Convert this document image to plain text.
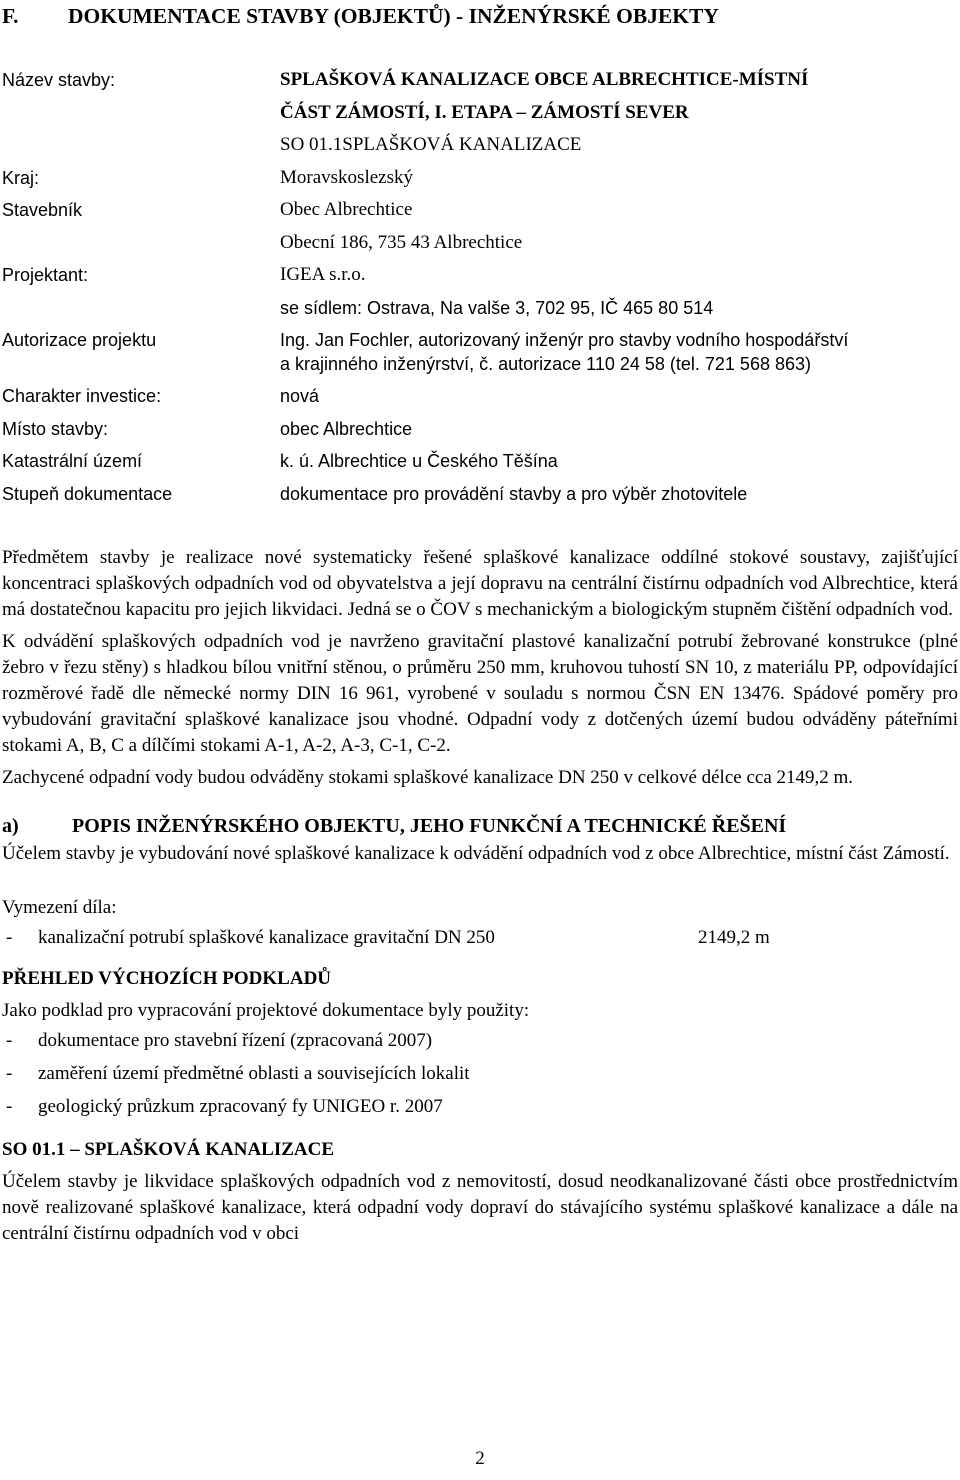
F. DOKUMENTACE STAVBY (OBJEKTŮ) - INŽENÝRSKÉ OBJEKTY
Název stavby:	SPLAŠKOVÁ KANALIZACE OBCE ALBRECHTICE-MÍSTNÍ
ČÁST ZÁMOSTÍ, I. ETAPA – ZÁMOSTÍ SEVER
SO 01.1SPLAŠKOVÁ KANALIZACE
Kraj:	Moravskoslezský
Stavebník	Obec Albrechtice
Obecní 186, 735 43 Albrechtice
Projektant:	IGEA s.r.o.
se sídlem: Ostrava, Na valše 3, 702 95, IČ 465 80 514
Autorizace projektu	Ing. Jan Fochler, autorizovaný inženýr pro stavby vodního hospodářství
a krajinného inženýrství, č. autorizace 110 24 58 (tel. 721 568 863)
Charakter investice:	nová
Místo stavby:	obec Albrechtice
Katastrální území	k. ú. Albrechtice u Českého Těšína
Stupeň dokumentace	dokumentace pro provádění stavby a pro výběr zhotovitele

Předmětem stavby je realizace nové systematicky řešené splaškové kanalizace oddílné stokové soustavy, zajišťující koncentraci splaškových odpadních vod od obyvatelstva a její dopravu na centrální čistírnu odpadních vod Albrechtice, která má dostatečnou kapacitu pro jejich likvidaci. Jedná se o ČOV s mechanickým a biologickým stupněm čištění odpadních vod.

K odvádění splaškových odpadních vod je navrženo gravitační plastové kanalizační potrubí žebrované konstrukce (plné žebro v řezu stěny) s hladkou bílou vnitřní stěnou, o průměru 250 mm, kruhovou tuhostí SN 10, z materiálu PP, odpovídající rozměrové řadě dle německé normy DIN 16 961, vyrobené v souladu s normou ČSN EN 13476. Spádové poměry pro vybudování gravitační splaškové kanalizace jsou vhodné. Odpadní vody z dotčených území budou odváděny páteřními stokami A, B, C a dílčími stokami A-1, A-2, A-3, C-1, C-2.

Zachycené odpadní vody budou odváděny stokami splaškové kanalizace DN 250 v celkové délce cca 2149,2 m.

a)	POPIS INŽENÝRSKÉHO OBJEKTU, JEHO FUNKČNÍ A TECHNICKÉ ŘEŠENÍ

Účelem stavby je vybudování nové splaškové kanalizace k odvádění odpadních vod z obce Albrechtice, místní část Zámostí.

Vymezení díla:

-	kanalizační potrubí splaškové kanalizace gravitační DN 250	2149,2 m

PŘEHLED VÝCHOZÍCH PODKLADŮ

Jako podklad pro vypracování projektové dokumentace byly použity:

-	dokumentace pro stavební řízení (zpracovaná 2007)
-	zaměření území předmětné oblasti a souvisejících lokalit
-	geologický průzkum zpracovaný fy UNIGEO r. 2007

SO 01.1 – SPLAŠKOVÁ KANALIZACE

Účelem stavby je likvidace splaškových odpadních vod z nemovitostí, dosud neodkanalizované části obce prostřednictvím nově realizované splaškové kanalizace, která odpadní vody dopraví do stávajícího systému splaškové kanalizace a dále na centrální čistírnu odpadních vod v obci

2
